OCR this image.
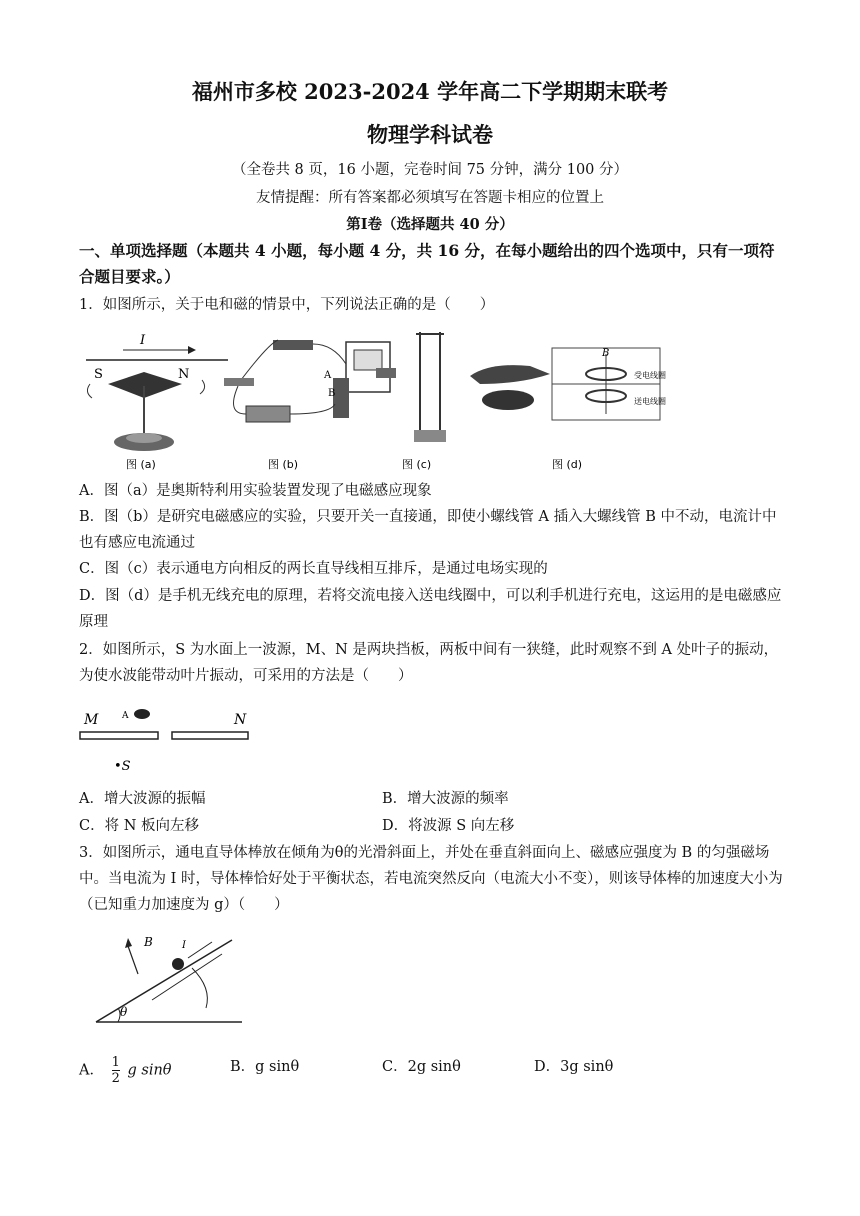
福州市多校 2023-2024 学年高二下学期期末联考
物理学科试卷
（全卷共 8 页，16 小题，完卷时间 75 分钟，满分 100 分）
友情提醒：所有答案都必须填写在答题卡相应的位置上
第Ⅰ卷（选择题共 40 分）
一、单项选择题（本题共 4 小题，每小题 4 分，共 16 分，在每小题给出的四个选项中，只有一项符合题目要求。）
1．如图所示，关于电和磁的情景中，下列说法正确的是（　　）
I
S	N
图 (a)
A
B
图 (b)	图 (c)
B
受电线圈
送电线圈
图 (d)
A．图（a）是奥斯特利用实验装置发现了电磁感应现象
B．图（b）是研究电磁感应的实验，只要开关一直接通，即使小螺线管 A 插入大螺线管 B 中不动，电流计中也有感应电流通过
C．图（c）表示通电方向相反的两长直导线相互排斥，是通过电场实现的
D．图（d）是手机无线充电的原理，若将交流电接入送电线圈中，可以利手机进行充电，这运用的是电磁感应原理
2．如图所示，S 为水面上一波源，M、N 是两块挡板，两板中间有一狭缝，此时观察不到 A 处叶子的振动，为使水波能带动叶片振动，可采用的方法是（　　）
M	N
A
•S
A．增大波源的振幅	B．增大波源的频率
C．将 N 板向左移	D．将波源 S 向左移
3．如图所示，通电直导体棒放在倾角为θ的光滑斜面上，并处在垂直斜面向上、磁感应强度为 B 的匀强磁场中。当电流为 I 时，导体棒恰好处于平衡状态，若电流突然反向（电流大小不变），则该导体棒的加速度大小为（已知重力加速度为 g）（　　）
B	I
θ
A． $\frac{1}{2}$ g sinθ	B．g sinθ	C．2g sinθ	D．3g sinθ
